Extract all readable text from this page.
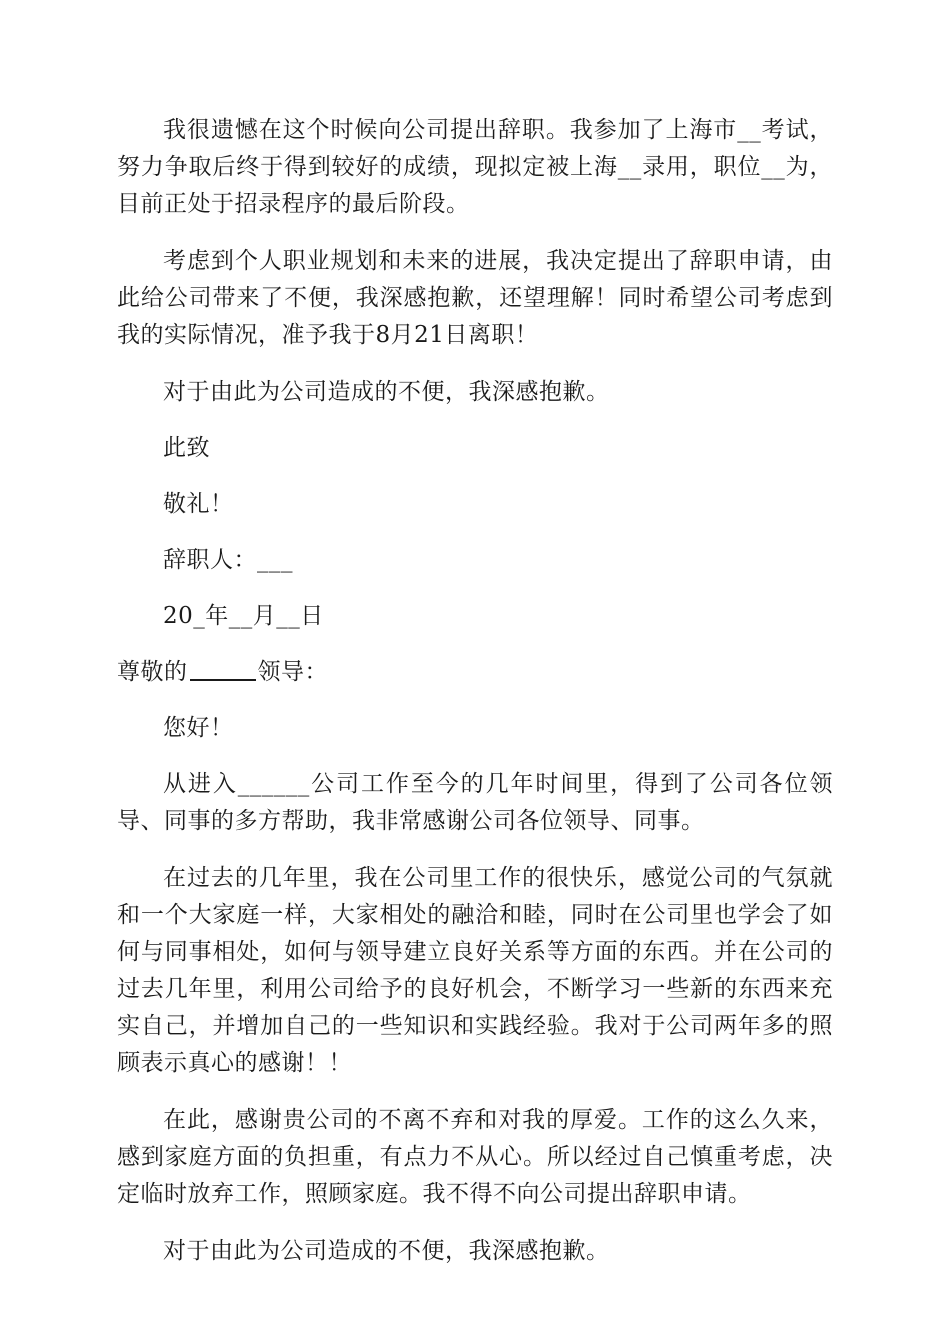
我很遗憾在这个时候向公司提出辞职。我参加了上海市__考试，努力争取后终于得到较好的成绩，现拟定被上海__录用，职位__为，目前正处于招录程序的最后阶段。

考虑到个人职业规划和未来的进展，我决定提出了辞职申请，由此给公司带来了不便，我深感抱歉，还望理解！同时希望公司考虑到我的实际情况，准予我于8月21日离职！

对于由此为公司造成的不便，我深感抱歉。

此致

敬礼！

辞职人：___

20_年__月__日

尊敬的	领导：

您好！

从进入______公司工作至今的几年时间里，得到了公司各位领导、同事的多方帮助，我非常感谢公司各位领导、同事。

在过去的几年里，我在公司里工作的很快乐，感觉公司的气氛就和一个大家庭一样，大家相处的融洽和睦，同时在公司里也学会了如何与同事相处，如何与领导建立良好关系等方面的东西。并在公司的过去几年里，利用公司给予的良好机会，不断学习一些新的东西来充实自己，并增加自己的一些知识和实践经验。我对于公司两年多的照顾表示真心的感谢！！

在此，感谢贵公司的不离不弃和对我的厚爱。工作的这么久来，感到家庭方面的负担重，有点力不从心。所以经过自己慎重考虑，决定临时放弃工作，照顾家庭。我不得不向公司提出辞职申请。

对于由此为公司造成的不便，我深感抱歉。
